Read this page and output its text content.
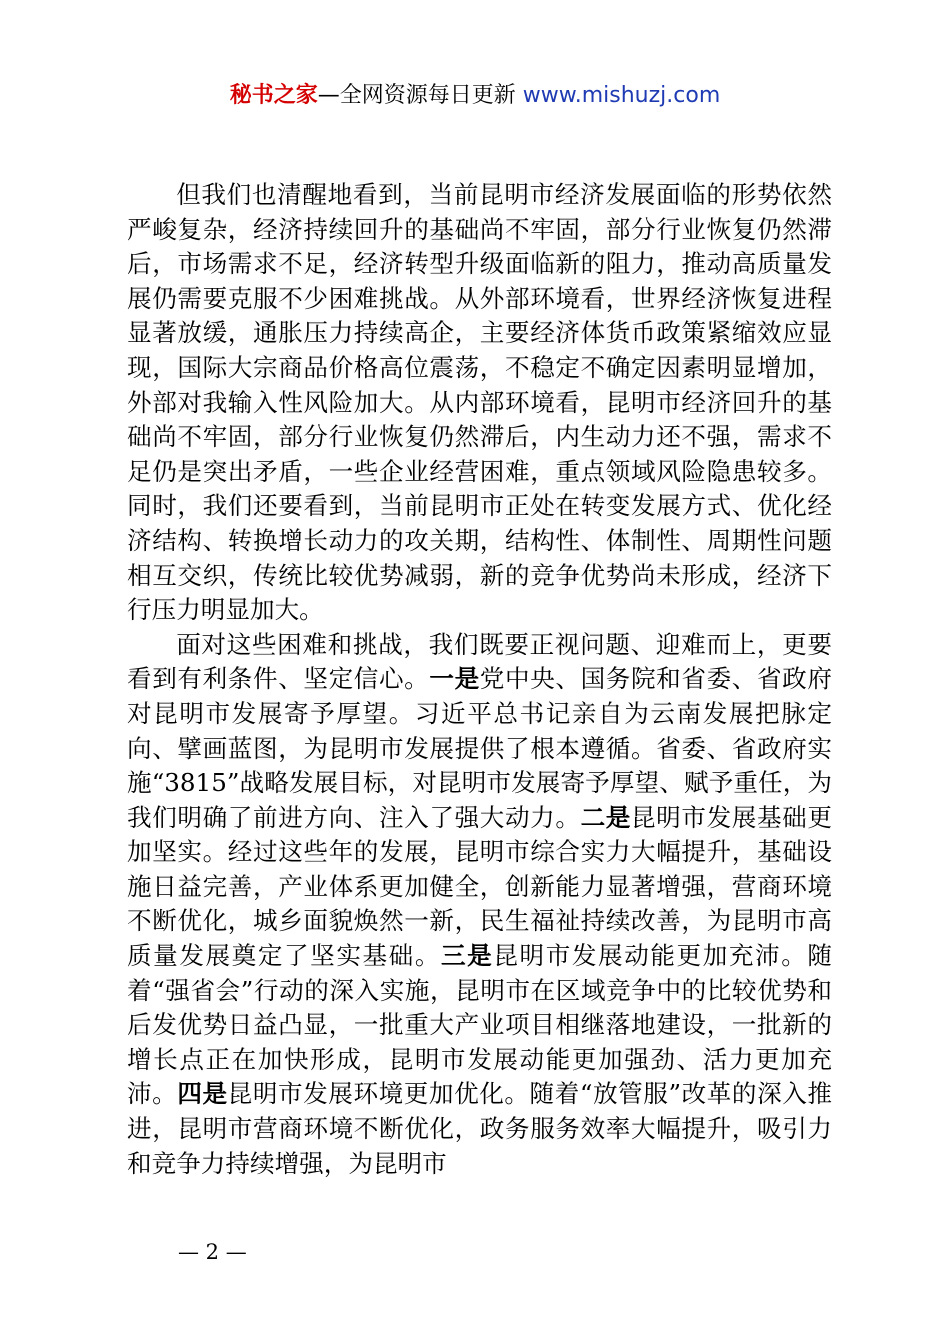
秘书之家—全网资源每日更新 www.mishuzj.com

但我们也清醒地看到，当前昆明市经济发展面临的形势依然严峻复杂，经济持续回升的基础尚不牢固，部分行业恢复仍然滞后，市场需求不足，经济转型升级面临新的阻力，推动高质量发展仍需要克服不少困难挑战。从外部环境看，世界经济恢复进程显著放缓，通胀压力持续高企，主要经济体货币政策紧缩效应显现，国际大宗商品价格高位震荡，不稳定不确定因素明显增加，外部对我输入性风险加大。从内部环境看，昆明市经济回升的基础尚不牢固，部分行业恢复仍然滞后，内生动力还不强，需求不足仍是突出矛盾，一些企业经营困难，重点领域风险隐患较多。同时，我们还要看到，当前昆明市正处在转变发展方式、优化经济结构、转换增长动力的攻关期，结构性、体制性、周期性问题相互交织，传统比较优势减弱，新的竞争优势尚未形成，经济下行压力明显加大。

面对这些困难和挑战，我们既要正视问题、迎难而上，更要看到有利条件、坚定信心。一是党中央、国务院和省委、省政府对昆明市发展寄予厚望。习近平总书记亲自为云南发展把脉定向、擘画蓝图，为昆明市发展提供了根本遵循。省委、省政府实施“3815”战略发展目标，对昆明市发展寄予厚望、赋予重任，为我们明确了前进方向、注入了强大动力。二是昆明市发展基础更加坚实。经过这些年的发展，昆明市综合实力大幅提升，基础设施日益完善，产业体系更加健全，创新能力显著增强，营商环境不断优化，城乡面貌焕然一新，民生福祉持续改善，为昆明市高质量发展奠定了坚实基础。三是昆明市发展动能更加充沛。随着“强省会”行动的深入实施，昆明市在区域竞争中的比较优势和后发优势日益凸显，一批重大产业项目相继落地建设，一批新的增长点正在加快形成，昆明市发展动能更加强劲、活力更加充沛。四是昆明市发展环境更加优化。随着“放管服”改革的深入推进，昆明市营商环境不断优化，政务服务效率大幅提升，吸引力和竞争力持续增强，为昆明市

— 2 —
